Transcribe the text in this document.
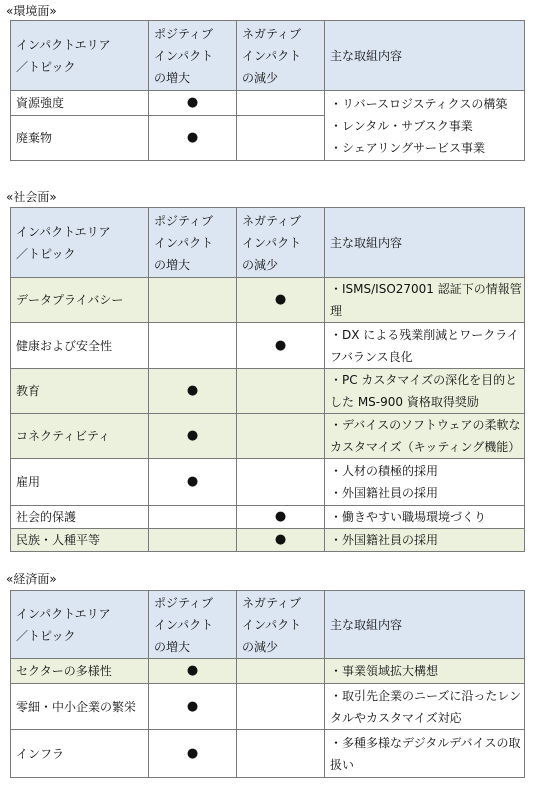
«環境面»
インパクトエリア
／トピック	ポジティブ
インパクト
の増大	ネガティブ
インパクト
の減少	主な取組内容
資源強度	●		・リバースロジスティクスの構築
・レンタル・サブスク事業
・シェアリングサービス事業

廃棄物	●		
«社会面»
インパクトエリア
／トピック	ポジティブ
インパクト
の増大	ネガティブ
インパクト
の減少	主な取組内容
データプライバシー		●	・ISMS/ISO27001 認証下の情報管
理

健康および安全性		●	・DX による残業削減とワークライ
フバランス良化

教育	●		・PC カスタマイズの深化を目的と
した MS-900 資格取得奨励

コネクティビティ	●		・デバイスのソフトウェアの柔軟な
カスタマイズ（キッティング機能）

雇用	●		・人材の積極的採用
・外国籍社員の採用

社会的保護		●	・働きやすい職場環境づくり
民族・人種平等		●	・外国籍社員の採用
«経済面»
インパクトエリア
／トピック	ポジティブ
インパクト
の増大	ネガティブ
インパクト
の減少	主な取組内容
セクターの多様性	●		・事業領域拡大構想
零細・中小企業の繁栄	●		・取引先企業のニーズに沿ったレン
タルやカスタマイズ対応

インフラ	●		・多種多様なデジタルデバイスの取
扱い
